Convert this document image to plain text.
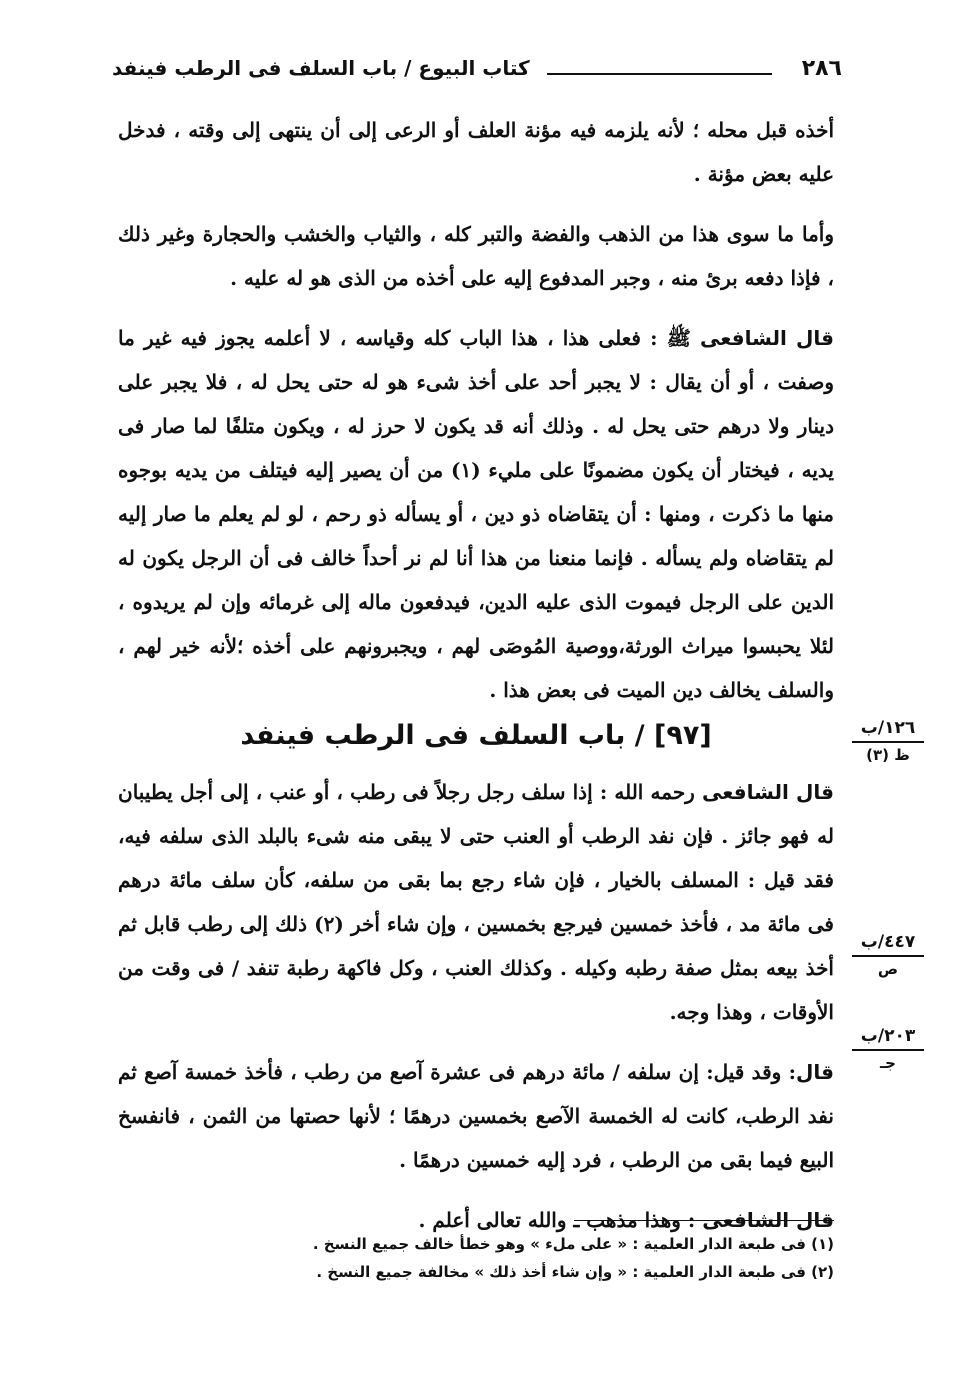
٢٨٦
كتاب البيوع / باب السلف فى الرطب فينفد

أخذه قبل محله ؛ لأنه يلزمه فيه مؤنة العلف أو الرعى إلى أن ينتهى إلى وقته ، فدخل عليه بعض مؤنة .

وأما ما سوى هذا من الذهب والفضة والتبر كله ، والثياب والخشب والحجارة وغير ذلك ، فإذا دفعه برئ منه ، وجبر المدفوع إليه على أخذه من الذى هو له عليه .

قال الشافعى ﷺ : فعلى هذا ، هذا الباب كله وقياسه ، لا أعلمه يجوز فيه غير ما وصفت ، أو أن يقال : لا يجبر أحد على أخذ شىء هو له حتى يحل له ، فلا يجبر على دينار ولا درهم حتى يحل له . وذلك أنه قد يكون لا حرز له ، ويكون متلفًا لما صار فى يديه ، فيختار أن يكون مضمونًا على مليء (١) من أن يصير إليه فيتلف من يديه بوجوه منها ما ذكرت ، ومنها : أن يتقاضاه ذو دين ، أو يسأله ذو رحم ، لو لم يعلم ما صار إليه لم يتقاضاه ولم يسأله . فإنما منعنا من هذا أنا لم نر أحداً خالف فى أن الرجل يكون له الدين على الرجل فيموت الذى عليه الدين، فيدفعون ماله إلى غرمائه وإن لم يريدوه ، لئلا يحبسوا ميراث الورثة،ووصية المُوصَى لهم ، ويجبرونهم على أخذه ؛لأنه خير لهم ، والسلف يخالف دين الميت فى بعض هذا .

[٩٧] / باب السلف فى الرطب فينفد

قال الشافعى رحمه الله : إذا سلف رجل رجلاً فى رطب ، أو عنب ، إلى أجل يطيبان له فهو جائز . فإن نفد الرطب أو العنب حتى لا يبقى منه شىء بالبلد الذى سلفه فيه، فقد قيل : المسلف بالخيار ، فإن شاء رجع بما بقى من سلفه، كأن سلف مائة درهم فى مائة مد ، فأخذ خمسين فيرجع بخمسين ، وإن شاء أخر (٢) ذلك إلى رطب قابل ثم أخذ بيعه بمثل صفة رطبه وكيله . وكذلك العنب ، وكل فاكهة رطبة تنفد / فى وقت من الأوقات ، وهذا وجه.

قال: وقد قيل: إن سلفه / مائة درهم فى عشرة آصع من رطب ، فأخذ خمسة آصع ثم نفد الرطب، كانت له الخمسة الآصع بخمسين درهمًا ؛ لأنها حصتها من الثمن ، فانفسخ البيع فيما بقى من الرطب ، فرد إليه خمسين درهمًا .

قال الشافعى : وهذا مذهب ـ والله تعالى أعلم .

١٢٦/ب
ظ (٣)
٤٤٧/ب
ص
٢٠٣/ب
جـ

(١) فى طبعة الدار العلمية : « على ملء » وهو خطأ خالف جميع النسخ .

(٢) فى طبعة الدار العلمية : « وإن شاء أخذ ذلك » مخالفة جميع النسخ .
